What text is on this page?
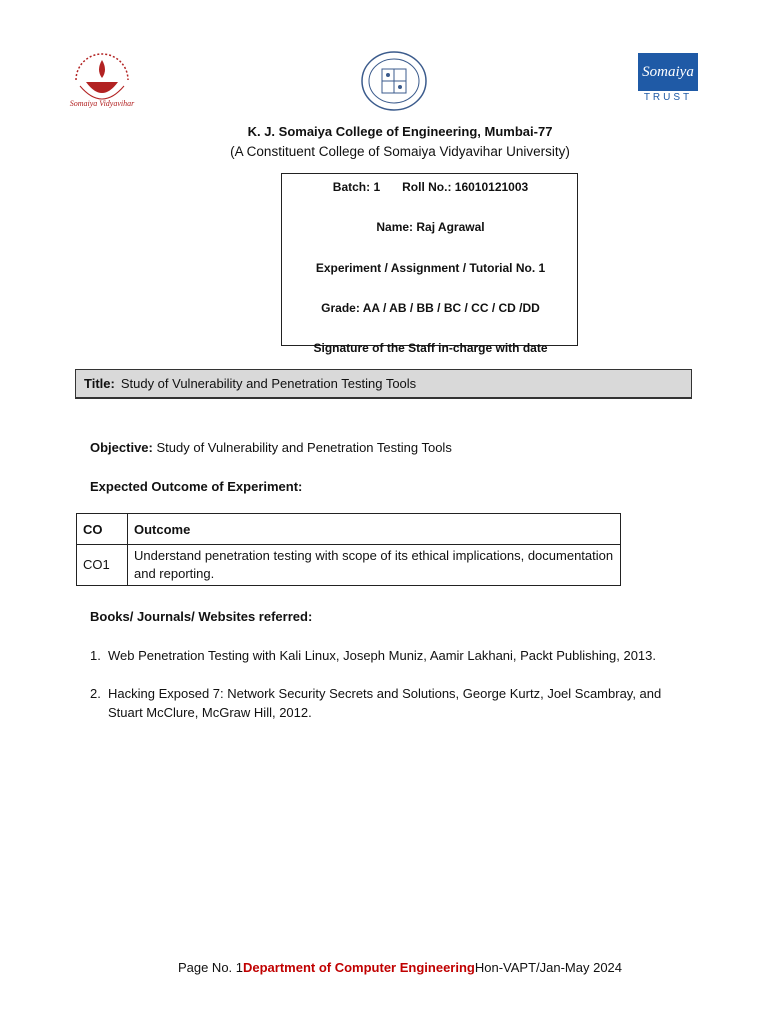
Somaiya Vidyavihar
Somaiya
TRUST
K. J. Somaiya College of Engineering, Mumbai-77
(A Constituent College of Somaiya Vidyavihar University)
Batch: 1 Roll No.: 16010121003
Name: Raj Agrawal
Experiment / Assignment / Tutorial No. 1
Grade: AA / AB / BB / BC / CC / CD /DD
Signature of the Staff in-charge with date
Title: Study of Vulnerability and Penetration Testing Tools
Objective: Study of Vulnerability and Penetration Testing Tools
Expected Outcome of Experiment:
CO	Outcome
CO1	Understand penetration testing with scope of its ethical implications, documentation and reporting.
Books/ Journals/ Websites referred:
1. Web Penetration Testing with Kali Linux, Joseph Muniz, Aamir Lakhani, Packt Publishing, 2013.
2. Hacking Exposed 7: Network Security Secrets and Solutions, George Kurtz, Joel Scambray, and Stuart McClure, McGraw Hill, 2012.
Page No. 1Department of Computer EngineeringHon-VAPT/Jan-May 2024
